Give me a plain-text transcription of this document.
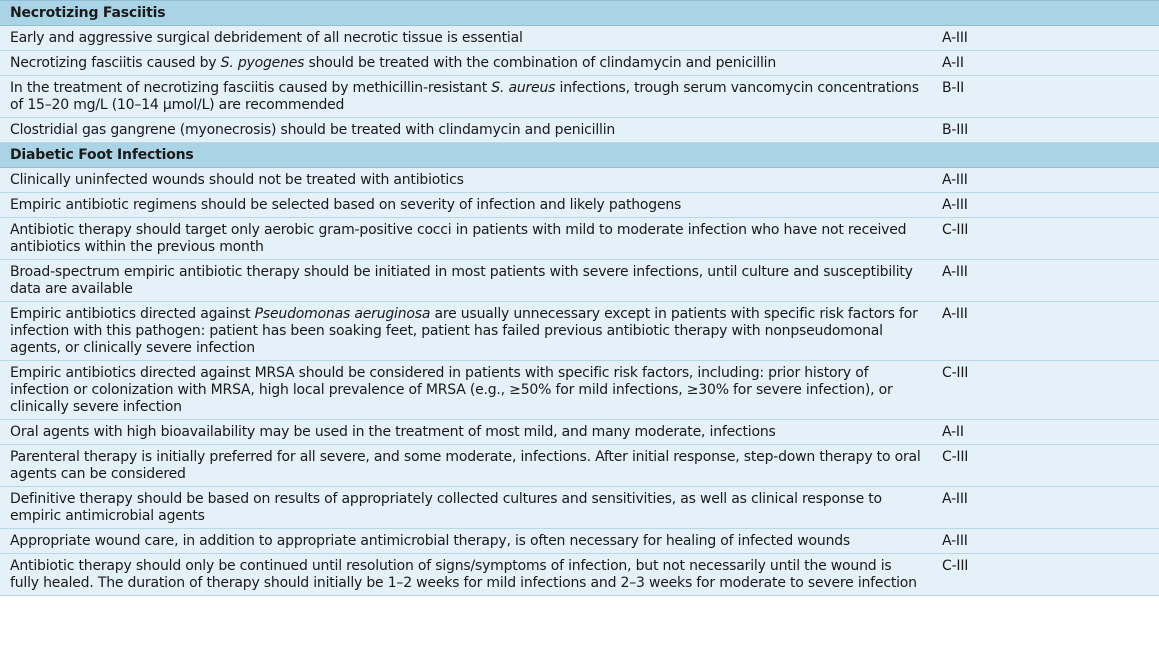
Necrotizing Fasciitis	
Early and aggressive surgical debridement of all necrotic tissue is essential	A-III
Necrotizing fasciitis caused by S. pyogenes should be treated with the combination of clindamycin and penicillin	A-II
In the treatment of necrotizing fasciitis caused by methicillin-resistant S. aureus infections, trough serum vancomycin concentrations of 15–20 mg/L (10–14 μmol/L) are recommended	B-II
Clostridial gas gangrene (myonecrosis) should be treated with clindamycin and penicillin	B-III
Diabetic Foot Infections	
Clinically uninfected wounds should not be treated with antibiotics	A-III
Empiric antibiotic regimens should be selected based on severity of infection and likely pathogens	A-III
Antibiotic therapy should target only aerobic gram-positive cocci in patients with mild to moderate infection who have not received antibiotics within the previous month	C-III
Broad-spectrum empiric antibiotic therapy should be initiated in most patients with severe infections, until culture and susceptibility data are available	A-III
Empiric antibiotics directed against Pseudomonas aeruginosa are usually unnecessary except in patients with specific risk factors for infection with this pathogen: patient has been soaking feet, patient has failed previous antibiotic therapy with nonpseudomonal agents, or clinically severe infection	A-III
Empiric antibiotics directed against MRSA should be considered in patients with specific risk factors, including: prior history of infection or colonization with MRSA, high local prevalence of MRSA (e.g., ≥50% for mild infections, ≥30% for severe infection), or clinically severe infection	C-III
Oral agents with high bioavailability may be used in the treatment of most mild, and many moderate, infections	A-II
Parenteral therapy is initially preferred for all severe, and some moderate, infections. After initial response, step-down therapy to oral agents can be considered	C-III
Definitive therapy should be based on results of appropriately collected cultures and sensitivities, as well as clinical response to empiric antimicrobial agents	A-III
Appropriate wound care, in addition to appropriate antimicrobial therapy, is often necessary for healing of infected wounds	A-III
Antibiotic therapy should only be continued until resolution of signs/symptoms of infection, but not necessarily until the wound is fully healed. The duration of therapy should initially be 1–2 weeks for mild infections and 2–3 weeks for moderate to severe infection	C-III
